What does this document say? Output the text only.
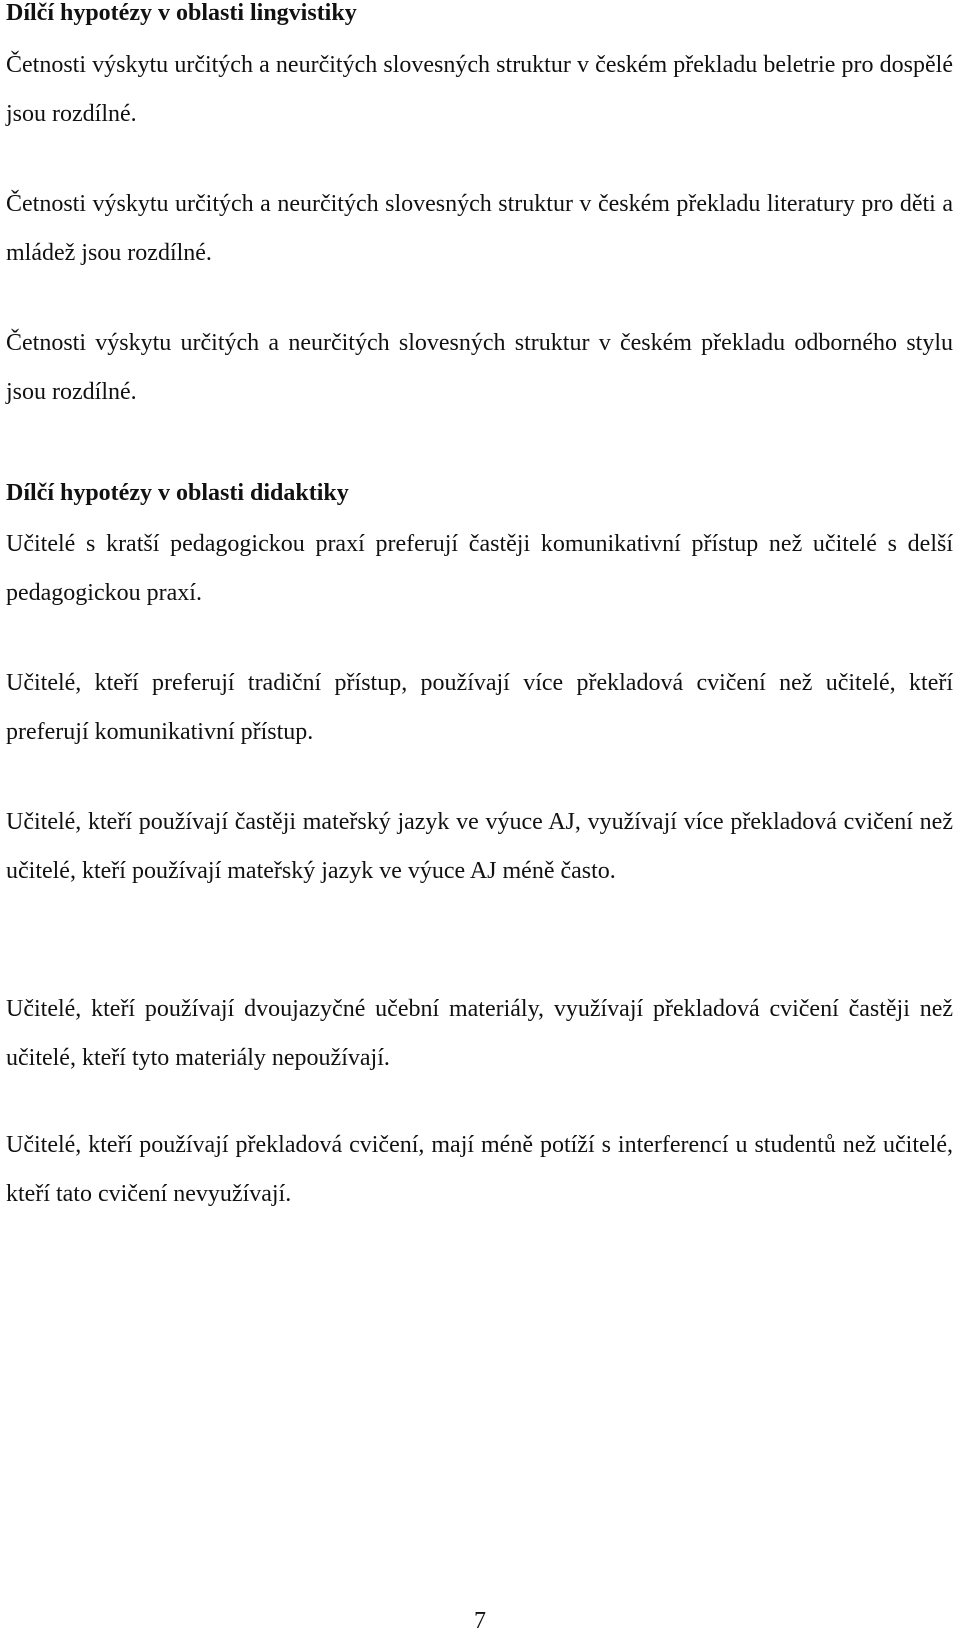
Dílčí hypotézy v oblasti lingvistiky

Četnosti výskytu určitých a neurčitých slovesných struktur v českém překladu beletrie pro dospělé jsou rozdílné.

Četnosti výskytu určitých a neurčitých slovesných struktur v českém překladu literatury pro děti a mládež jsou rozdílné.

Četnosti výskytu určitých a neurčitých slovesných struktur v českém překladu odborného stylu jsou rozdílné.

Dílčí hypotézy v oblasti didaktiky

Učitelé s kratší pedagogickou praxí preferují častěji komunikativní přístup než učitelé s delší pedagogickou praxí.

Učitelé, kteří preferují tradiční přístup, používají více překladová cvičení než učitelé, kteří preferují komunikativní přístup.

Učitelé, kteří používají častěji mateřský jazyk ve výuce AJ, využívají více překladová cvičení než učitelé, kteří používají mateřský jazyk ve výuce AJ méně často.

Učitelé, kteří používají dvoujazyčné učební materiály, využívají překladová cvičení častěji než učitelé, kteří tyto materiály nepoužívají.

Učitelé, kteří používají překladová cvičení, mají méně potíží s interferencí u studentů než učitelé, kteří tato cvičení nevyužívají.

7
